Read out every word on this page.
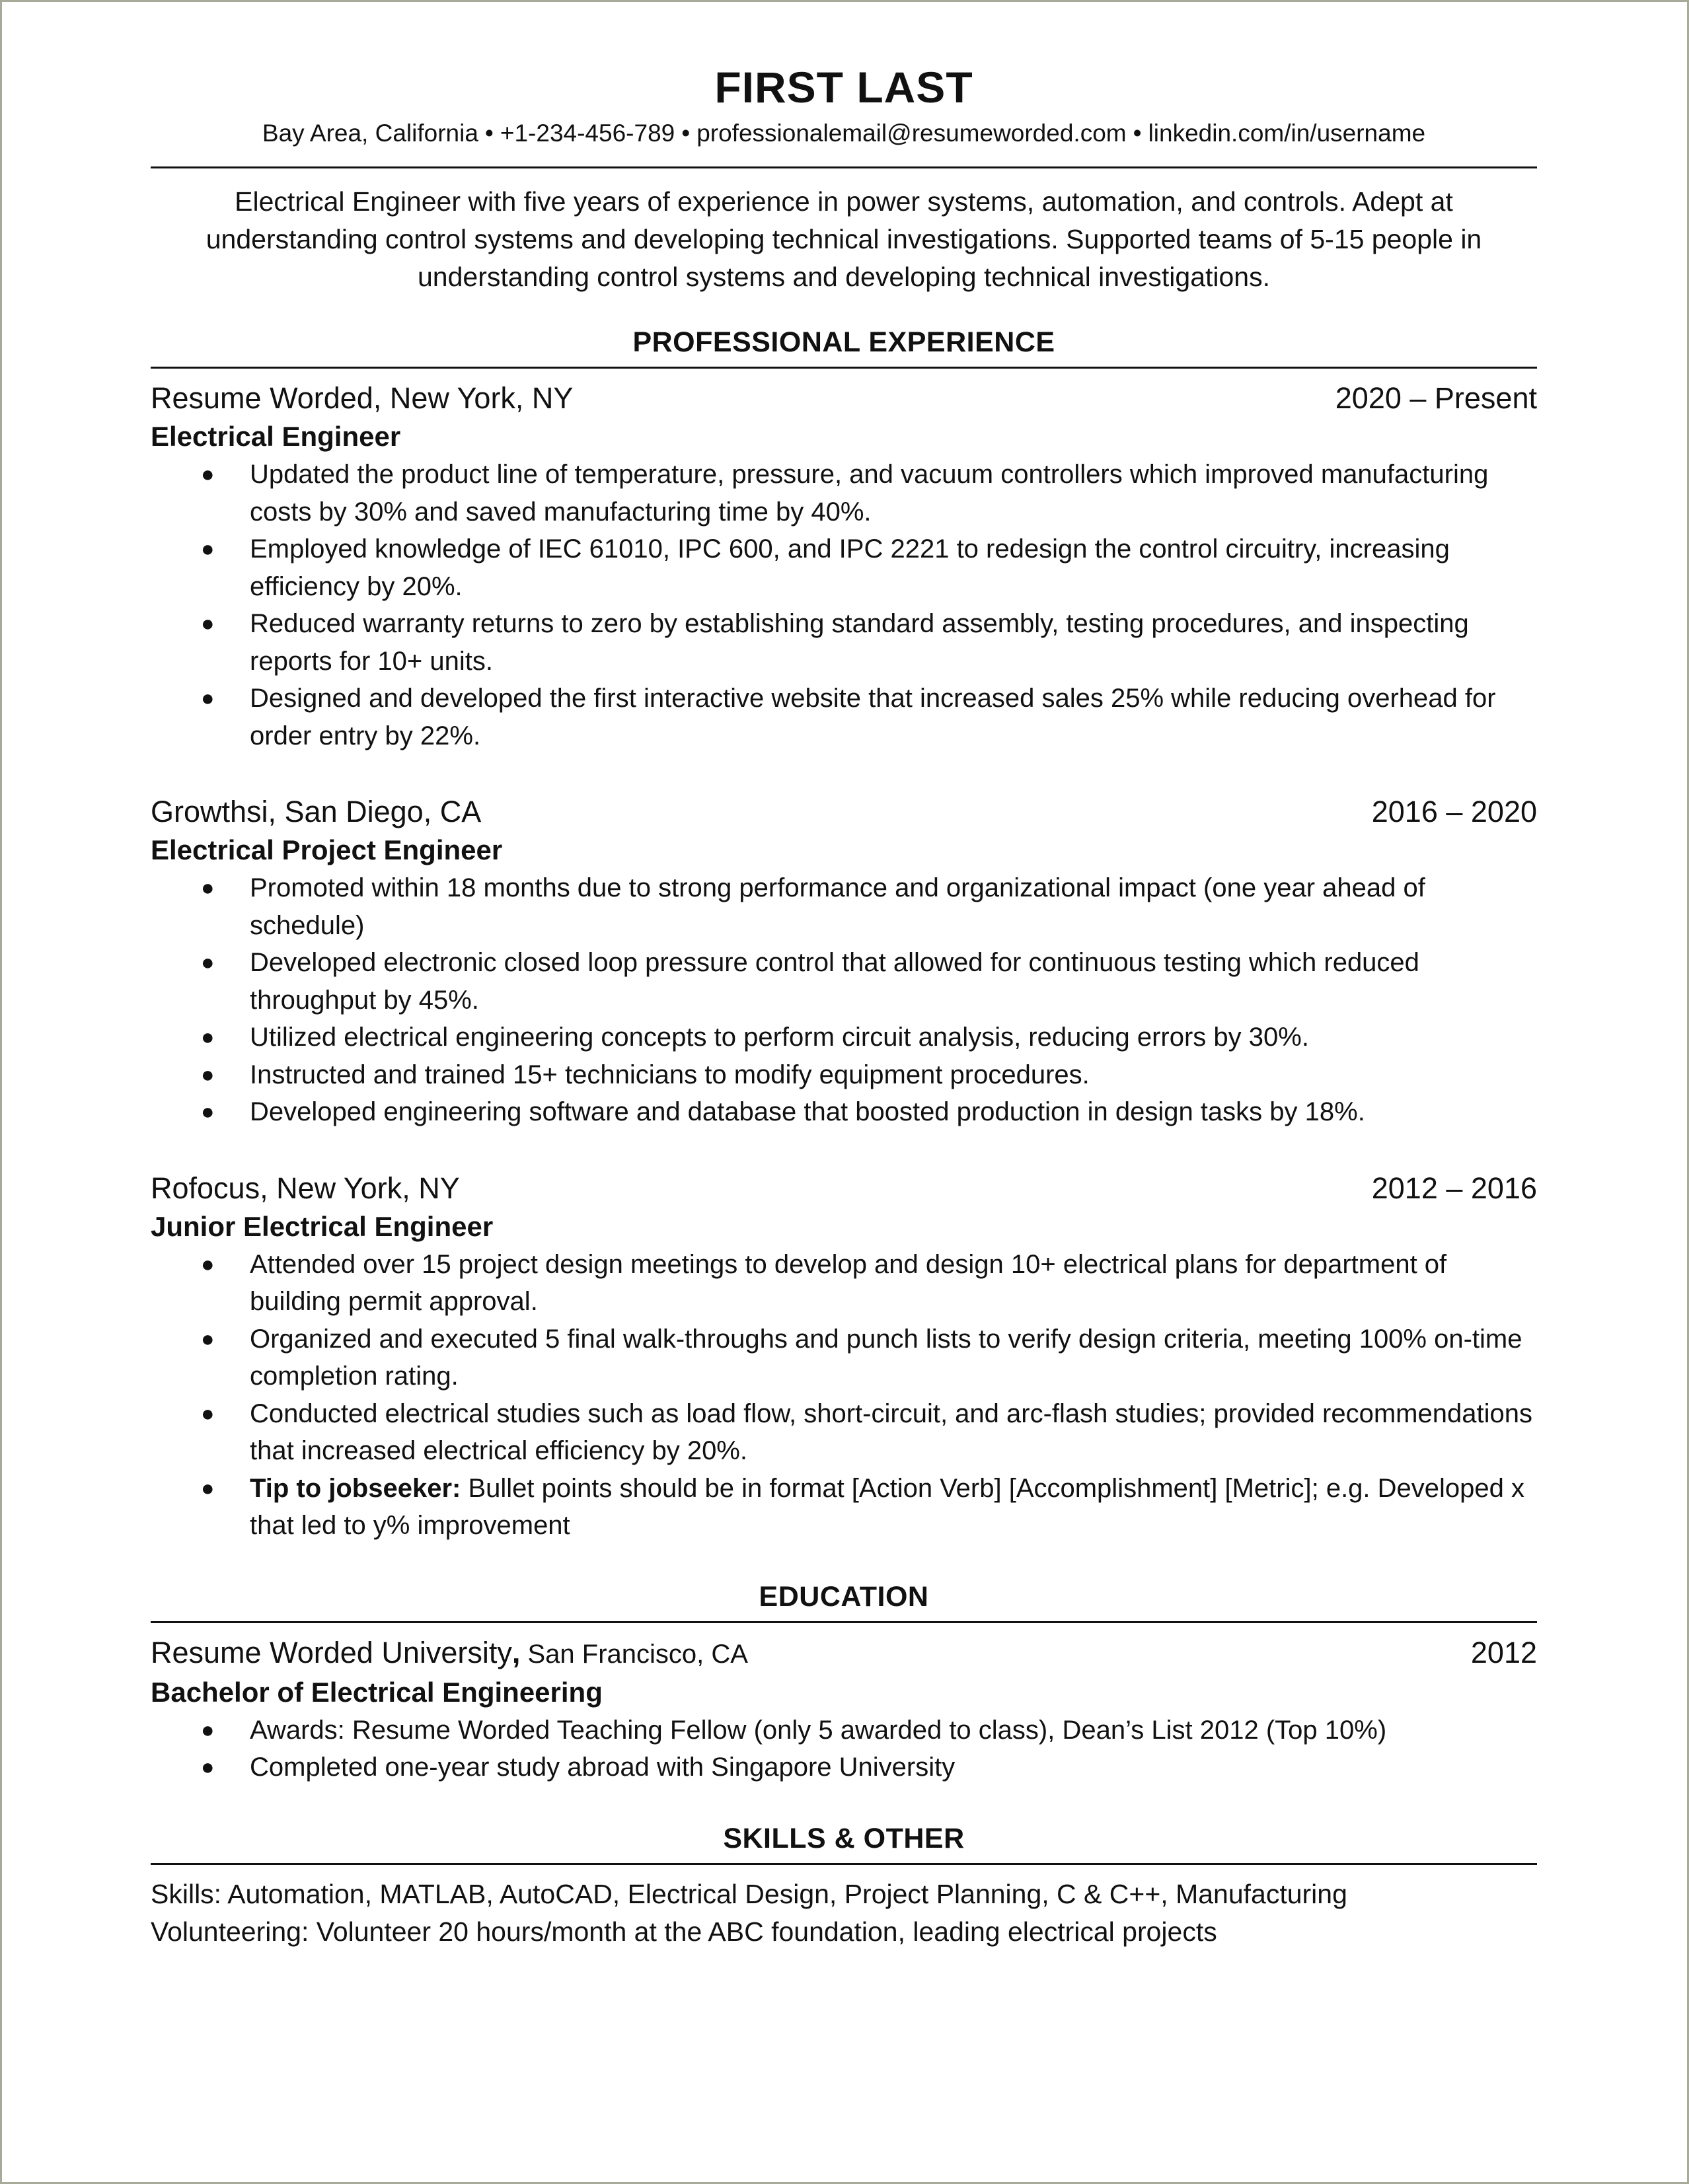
FIRST LAST
Bay Area, California • +1-234-456-789 • professionalemail@resumeworded.com • linkedin.com/in/username

Electrical Engineer with five years of experience in power systems, automation, and controls. Adept at understanding control systems and developing technical investigations. Supported teams of 5-15 people in understanding control systems and developing technical investigations.

PROFESSIONAL EXPERIENCE
Resume Worded, New York, NY	2020 – Present
Electrical Engineer
● Updated the product line of temperature, pressure, and vacuum controllers which improved manufacturing costs by 30% and saved manufacturing time by 40%.
● Employed knowledge of IEC 61010, IPC 600, and IPC 2221 to redesign the control circuitry, increasing efficiency by 20%.
● Reduced warranty returns to zero by establishing standard assembly, testing procedures, and inspecting reports for 10+ units.
● Designed and developed the first interactive website that increased sales 25% while reducing overhead for order entry by 22%.
Growthsi, San Diego, CA	2016 – 2020
Electrical Project Engineer
● Promoted within 18 months due to strong performance and organizational impact (one year ahead of schedule)
● Developed electronic closed loop pressure control that allowed for continuous testing which reduced throughput by 45%.
● Utilized electrical engineering concepts to perform circuit analysis, reducing errors by 30%.
● Instructed and trained 15+ technicians to modify equipment procedures.
● Developed engineering software and database that boosted production in design tasks by 18%.
Rofocus, New York, NY	2012 – 2016
Junior Electrical Engineer
● Attended over 15 project design meetings to develop and design 10+ electrical plans for department of building permit approval.
● Organized and executed 5 final walk-throughs and punch lists to verify design criteria, meeting 100% on-time completion rating.
● Conducted electrical studies such as load flow, short-circuit, and arc-flash studies; provided recommendations that increased electrical efficiency by 20%.
● Tip to jobseeker: Bullet points should be in format [Action Verb] [Accomplishment] [Metric]; e.g. Developed x that led to y% improvement
EDUCATION
Resume Worded University, San Francisco, CA	2012
Bachelor of Electrical Engineering
● Awards: Resume Worded Teaching Fellow (only 5 awarded to class), Dean’s List 2012 (Top 10%)
● Completed one-year study abroad with Singapore University
SKILLS & OTHER
Skills: Automation, MATLAB, AutoCAD, Electrical Design, Project Planning, C & C++, Manufacturing
Volunteering: Volunteer 20 hours/month at the ABC foundation, leading electrical projects
